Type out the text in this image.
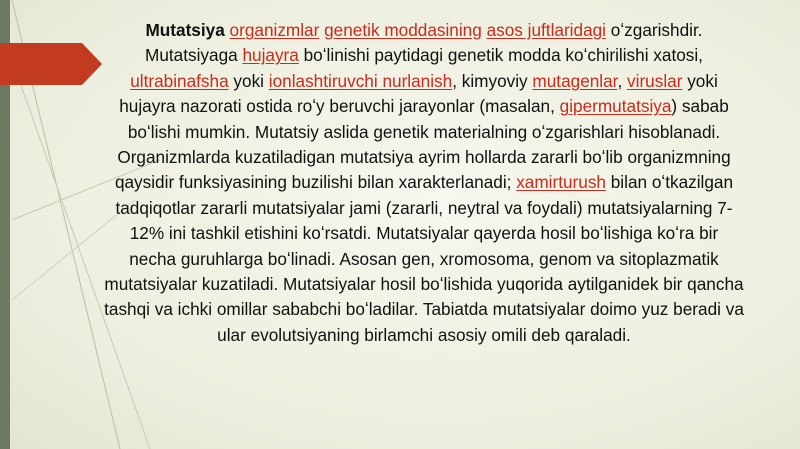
Mutatsiya organizmlar genetik moddasining asos juftlaridagi oʻzgarishdir. Mutatsiyaga hujayra boʻlinishi paytidagi genetik modda koʻchirilishi xatosi, ultrabinafsha yoki ionlashtiruvchi nurlanish, kimyoviy mutagenlar, viruslar yoki hujayra nazorati ostida roʻy beruvchi jarayonlar (masalan, gipermutatsiya) sabab boʻlishi mumkin. Mutatsiy aslida genetik materialning oʻzgarishlari hisoblanadi. Organizmlarda kuzatiladigan mutatsiya ayrim hollarda zararli boʻlib organizmning qaysidir funksiyasining buzilishi bilan xarakterlanadi; xamirturush bilan oʻtkazilgan tadqiqotlar zararli mutatsiyalar jami (zararli, neytral va foydali) mutatsiyalarning 7-12% ini tashkil etishini koʻrsatdi. Mutatsiyalar qayerda hosil boʻlishiga koʻra bir necha guruhlarga boʻlinadi. Asosan gen, xromosoma, genom va sitoplazmatik mutatsiyalar kuzatiladi. Mutatsiyalar hosil boʻlishida yuqorida aytilganidek bir qancha tashqi va ichki omillar sababchi boʻladilar. Tabiatda mutatsiyalar doimo yuz beradi va ular evolutsiyaning birlamchi asosiy omili deb qaraladi.
